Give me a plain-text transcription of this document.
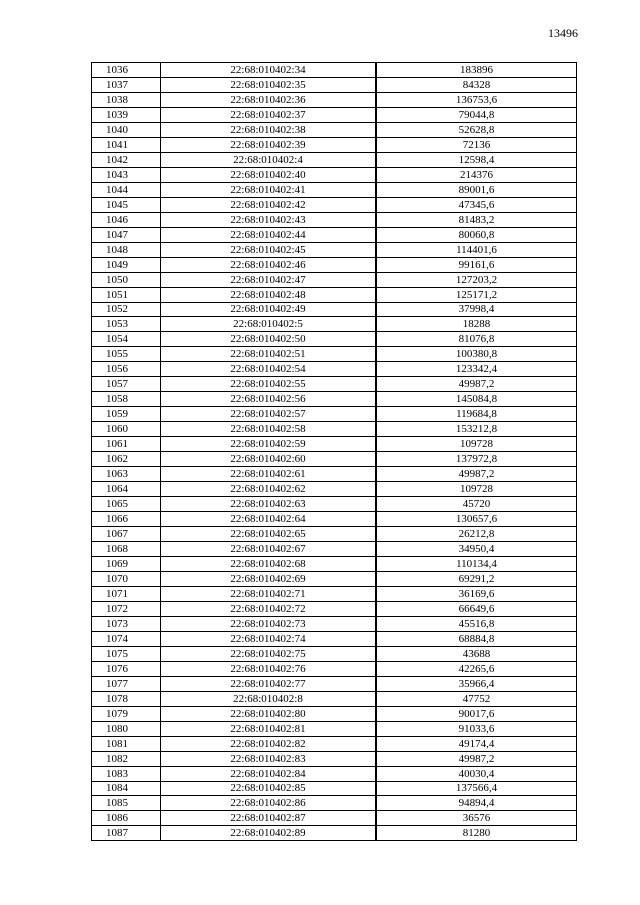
13496
1036	22:68:010402:34	183896
1037	22:68:010402:35	84328
1038	22:68:010402:36	136753,6
1039	22:68:010402:37	79044,8
1040	22:68:010402:38	52628,8
1041	22:68:010402:39	72136
1042	22:68:010402:4	12598,4
1043	22:68:010402:40	214376
1044	22:68:010402:41	89001,6
1045	22:68:010402:42	47345,6
1046	22:68:010402:43	81483,2
1047	22:68:010402:44	80060,8
1048	22:68:010402:45	114401,6
1049	22:68:010402:46	99161,6
1050	22:68:010402:47	127203,2
1051	22:68:010402:48	125171,2
1052	22:68:010402:49	37998,4
1053	22:68:010402:5	18288
1054	22:68:010402:50	81076,8
1055	22:68:010402:51	100380,8
1056	22:68:010402:54	123342,4
1057	22:68:010402:55	49987,2
1058	22:68:010402:56	145084,8
1059	22:68:010402:57	119684,8
1060	22:68:010402:58	153212,8
1061	22:68:010402:59	109728
1062	22:68:010402:60	137972,8
1063	22:68:010402:61	49987,2
1064	22:68:010402:62	109728
1065	22:68:010402:63	45720
1066	22:68:010402:64	130657,6
1067	22:68:010402:65	26212,8
1068	22:68:010402:67	34950,4
1069	22:68:010402:68	110134,4
1070	22:68:010402:69	69291,2
1071	22:68:010402:71	36169,6
1072	22:68:010402:72	66649,6
1073	22:68:010402:73	45516,8
1074	22:68:010402:74	68884,8
1075	22:68:010402:75	43688
1076	22:68:010402:76	42265,6
1077	22:68:010402:77	35966,4
1078	22:68:010402:8	47752
1079	22:68:010402:80	90017,6
1080	22:68:010402:81	91033,6
1081	22:68:010402:82	49174,4
1082	22:68:010402:83	49987,2
1083	22:68:010402:84	40030,4
1084	22:68:010402:85	137566,4
1085	22:68:010402:86	94894,4
1086	22:68:010402:87	36576
1087	22:68:010402:89	81280
